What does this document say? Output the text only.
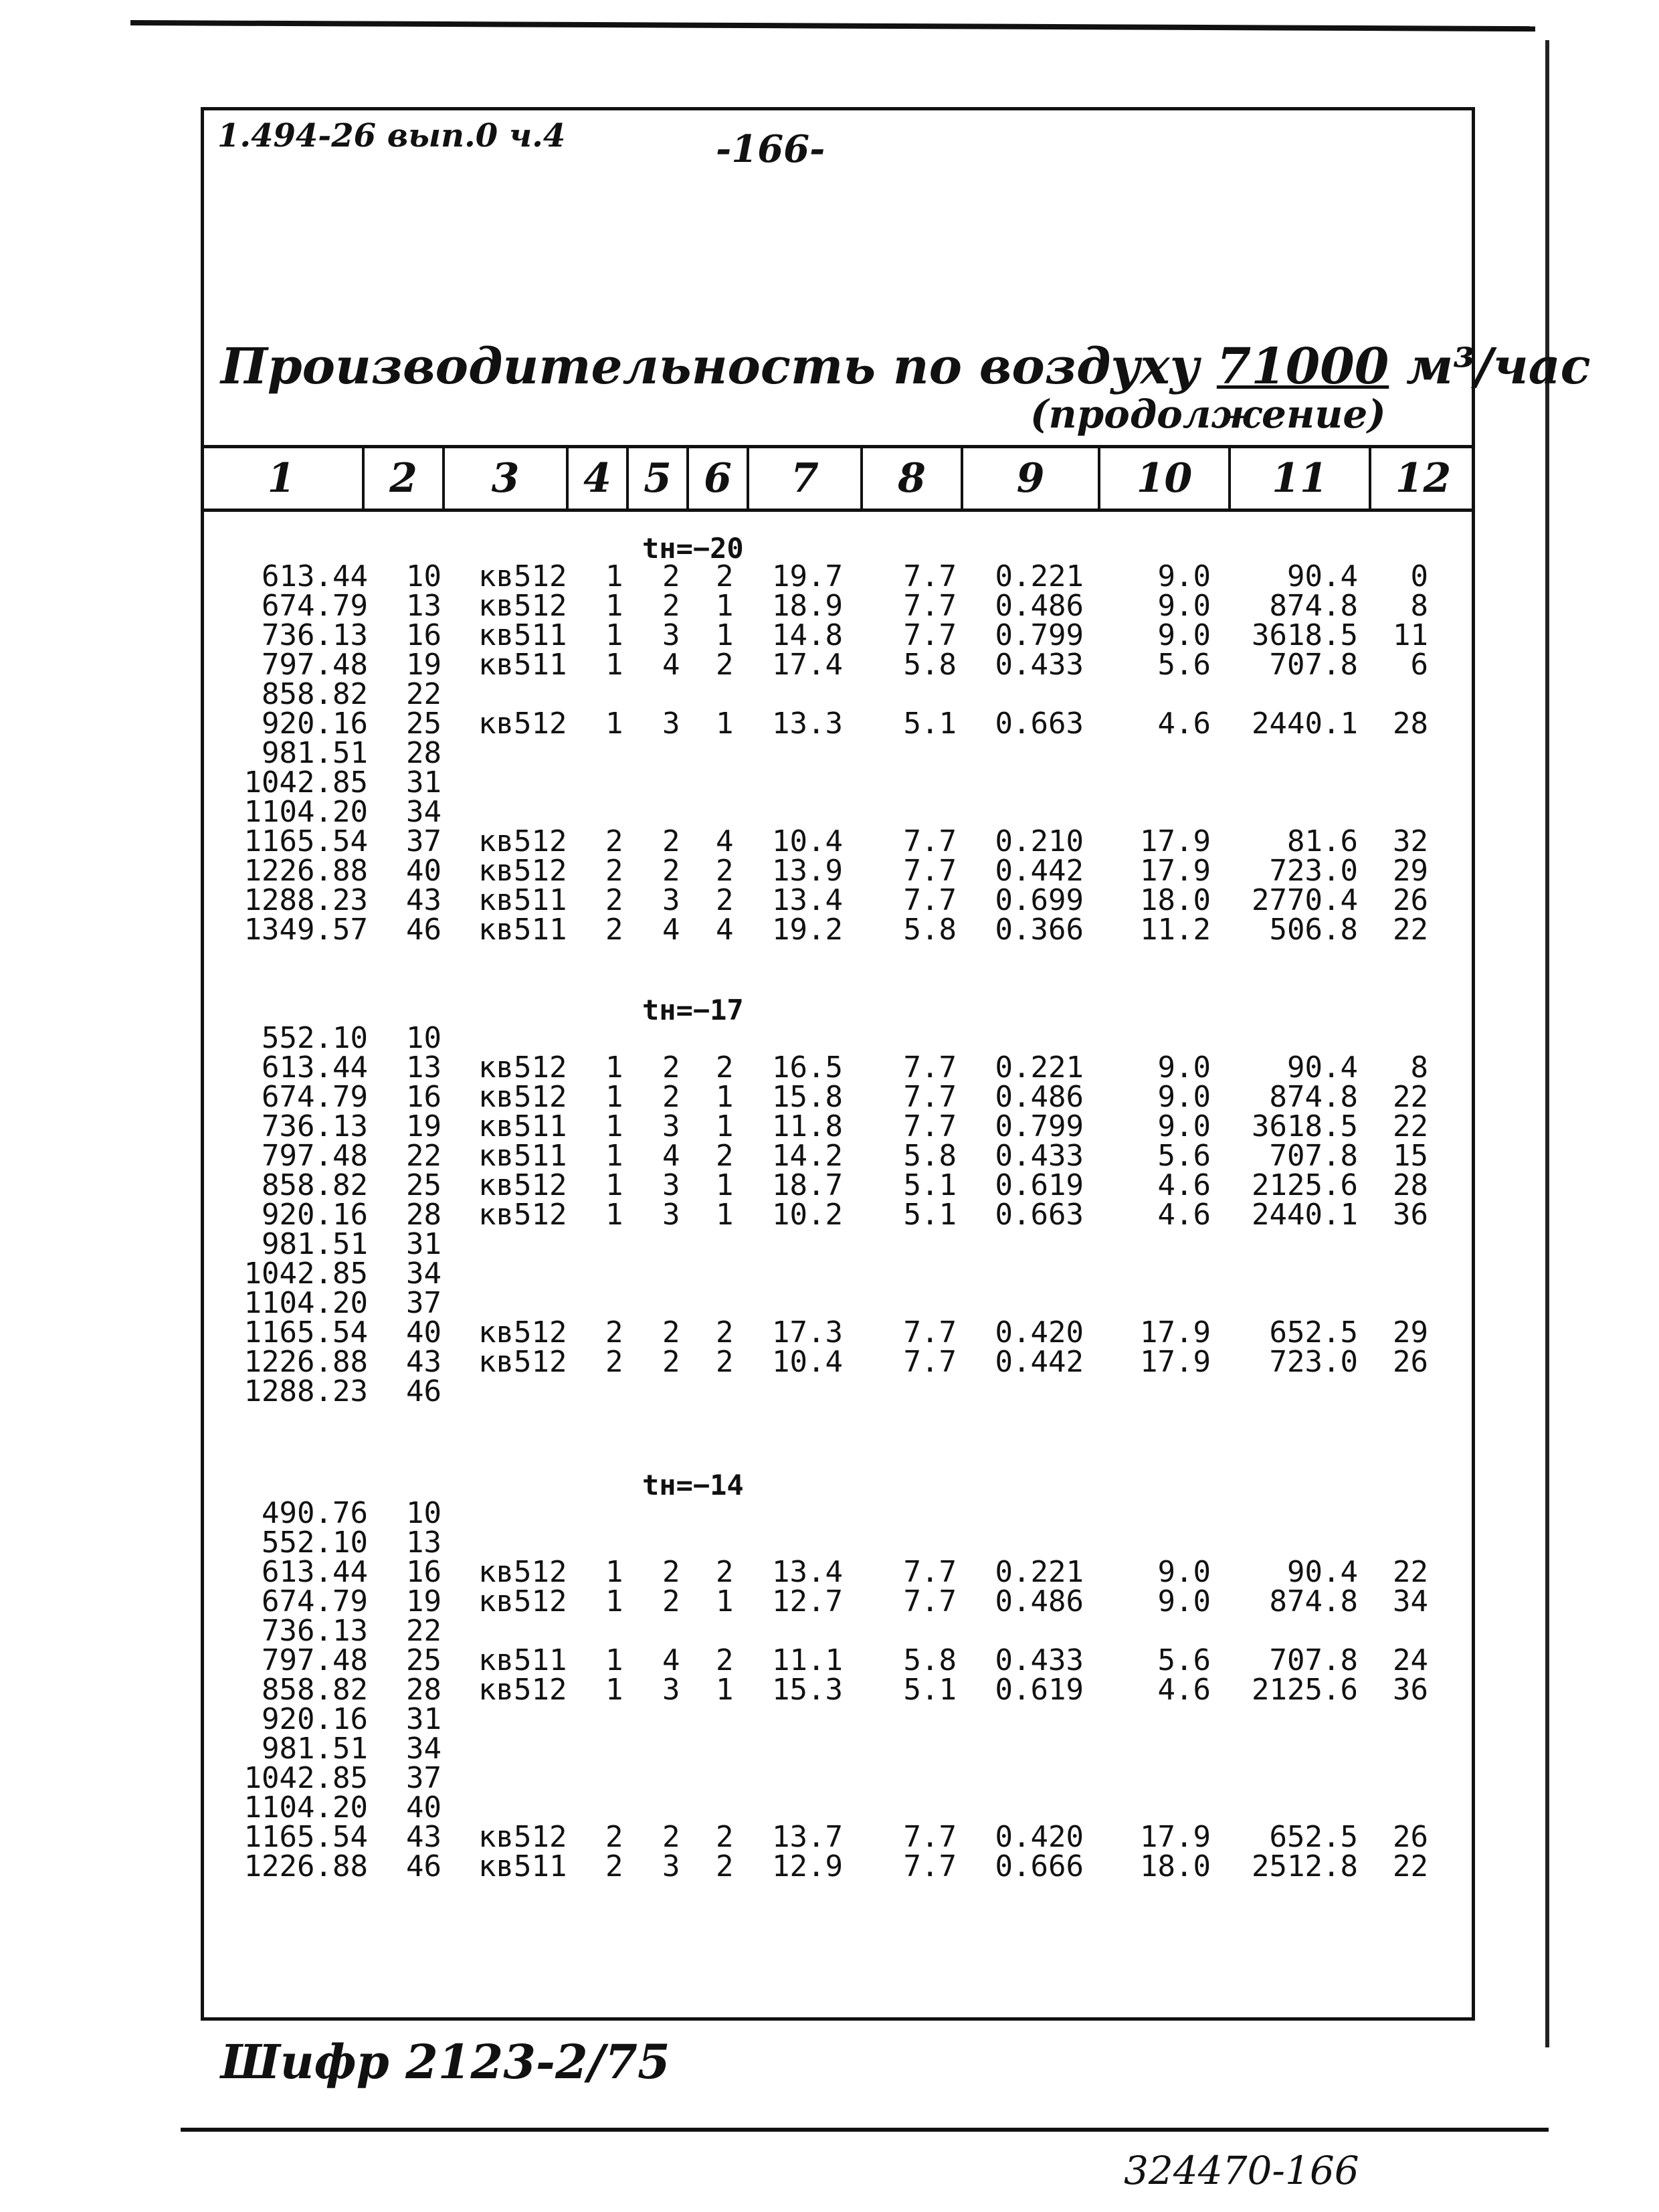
1.494-26 вып.0 ч.4	-166-
Производительность по воздуху 71000 м³/час
(продолжение)
1	2	3	4 5 6	7	8	9	10	11	12
tн=−20
613.44	10 кв512 1 2 2	19.7	7.7	0.221	9.0	90.4	0
674.79	13 кв512 1 2 1	18.9	7.7	0.486	9.0	874.8	8
736.13	16 кв511 1 3 1	14.8	7.7	0.799	9.0	3618.5	11
797.48	19 кв511 1 4 2	17.4	5.8	0.433	5.6	707.8	6
858.82	22
920.16	25 кв512 1 3 1	13.3	5.1	0.663	4.6	2440.1	28
981.51	28
1042.85	31
1104.20	34
1165.54	37 кв512 2 2 4	10.4	7.7	0.210	17.9	81.6	32
1226.88	40 кв512 2 2 2	13.9	7.7	0.442	17.9	723.0	29
1288.23	43 кв511 2 3 2	13.4	7.7	0.699	18.0	2770.4	26
1349.57	46 кв511 2 4 4	19.2	5.8	0.366	11.2	506.8	22
tн=−17
552.10	10
613.44	13 кв512 1 2 2	16.5	7.7	0.221	9.0	90.4	8
674.79	16 кв512 1 2 1	15.8	7.7	0.486	9.0	874.8	22
736.13	19 кв511 1 3 1	11.8	7.7	0.799	9.0	3618.5	22
797.48	22 кв511 1 4 2	14.2	5.8	0.433	5.6	707.8	15
858.82	25 кв512 1 3 1	18.7	5.1	0.619	4.6	2125.6	28
920.16	28 кв512 1 3 1	10.2	5.1	0.663	4.6	2440.1	36
981.51	31
1042.85	34
1104.20	37
1165.54	40 кв512 2 2 2	17.3	7.7	0.420	17.9	652.5	29
1226.88	43 кв512 2 2 2	10.4	7.7	0.442	17.9	723.0	26
1288.23	46
tн=−14
490.76	10
552.10	13
613.44	16 кв512 1 2 2	13.4	7.7	0.221	9.0	90.4	22
674.79	19 кв512 1 2 1	12.7	7.7	0.486	9.0	874.8	34
736.13	22
797.48	25 кв511 1 4 2	11.1	5.8	0.433	5.6	707.8	24
858.82	28 кв512 1 3 1	15.3	5.1	0.619	4.6	2125.6	36
920.16	31
981.51	34
1042.85	37
1104.20	40
1165.54	43 кв512 2 2 2	13.7	7.7	0.420	17.9	652.5	26
1226.88	46 кв511 2 3 2	12.9	7.7	0.666	18.0	2512.8	22
Шифр 2123-2/75
324470-166
